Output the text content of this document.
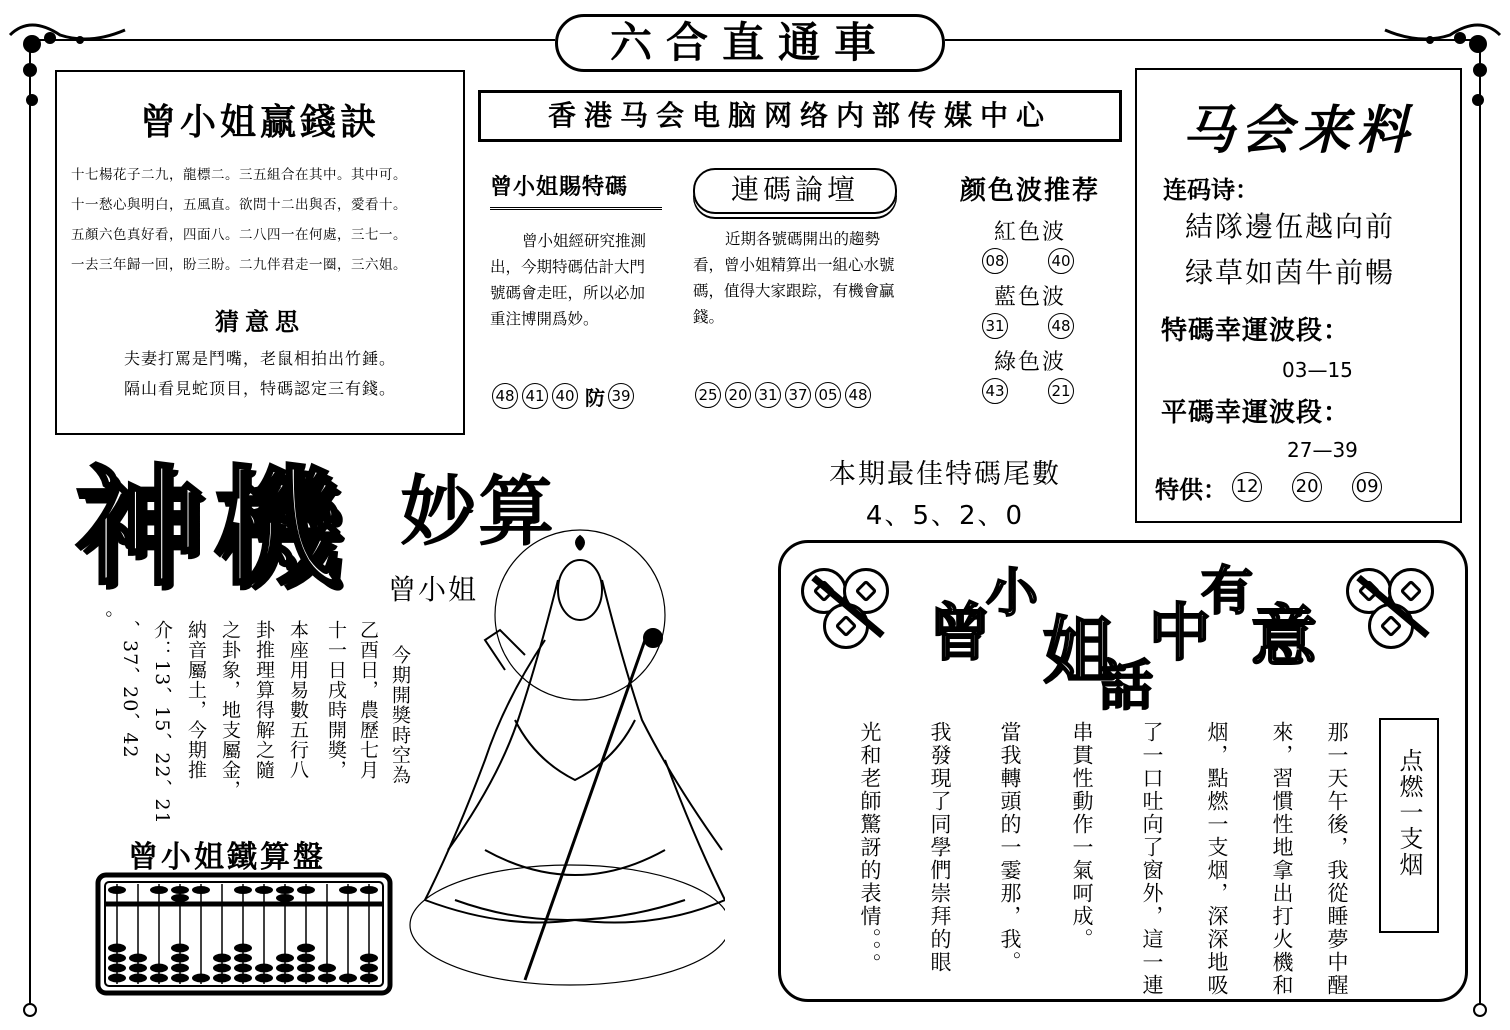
六合直通車
曾小姐赢錢訣
十七楊花子二九，龍標二。三五組合在其中。其中可。
十一愁心與明白，五風直。欲問十二出與否，愛看十。
五顏六色真好看，四面八。二八四一在何處，三七一。
一去三年歸一回，盼三盼。二九伴君走一圈，三六姐。
猜意思
夫妻打罵是鬥嘴，老鼠相拍出竹錘。
隔山看見蛇顶目，特碼認定三有錢。
香港马会电脑网络内部传媒中心
曾小姐賜特碼
曾小姐經研究推測出，今期特碼估計大門號碼會走旺，所以必加重注博開爲妙。
48 41 40 防 39
連碼論壇
近期各號碼開出的趨勢看，曾小姐精算出一組心水號碼，值得大家跟踪，有機會贏錢。
25 20 31 37 05 48
颜色波推荐
紅色波
08	40
藍色波
31	48
綠色波
43	21
马会来料
连码诗：
結隊邊伍越向前
绿草如茵牛前暢
特碼幸運波段：
03—15
平碼幸運波段：
27—39
特供： 12 20 09
本期最佳特碼尾數
4、5、2、0
神機 妙算
曾小姐
今期開獎時空為
乙酉日，農歷七月
十一日戌時開獎，
本座用易數五行八
卦推理算得解之隨
之卦象，地支屬金，
納音屬土，今期推
介：13、15、22、21
、37、20、42
。
曾小姐鐵算盤
曾
小
姐
話
中
有
意
点燃一支烟
那一天午後，我從睡夢中醒
來，習慣性地拿出打火機和
烟，點燃一支烟，深深地吸
了一口吐向了窗外，這一連
串貫性動作一氣呵成。
當我轉頭的一霎那，我。
我發現了同學們崇拜的眼
光和老師驚訝的表情。。。
